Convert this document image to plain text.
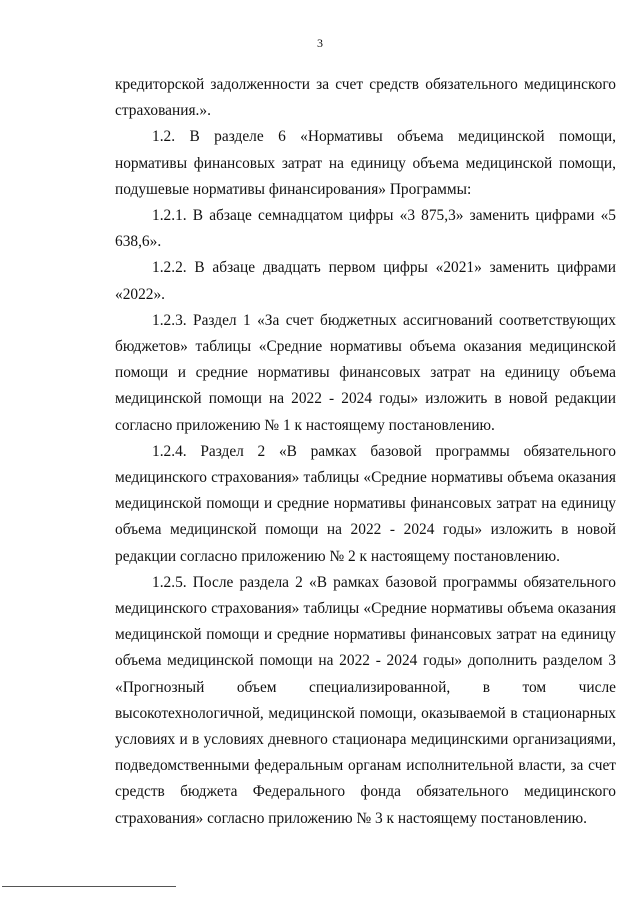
3

кредиторской задолженности за счет средств обязательного медицинского страхования.».

1.2. В разделе 6 «Нормативы объема медицинской помощи, нормативы финансовых затрат на единицу объема медицинской помощи, подушевые нормативы финансирования» Программы:

1.2.1. В абзаце семнадцатом цифры «3 875,3» заменить цифрами «5 638,6».

1.2.2. В абзаце двадцать первом цифры «2021» заменить цифрами «2022».

1.2.3. Раздел 1 «За счет бюджетных ассигнований соответствующих бюджетов» таблицы «Средние нормативы объема оказания медицинской помощи и средние нормативы финансовых затрат на единицу объема медицинской помощи на 2022 - 2024 годы» изложить в новой редакции согласно приложению № 1 к настоящему постановлению.

1.2.4. Раздел 2 «В рамках базовой программы обязательного медицинского страхования» таблицы «Средние нормативы объема оказания медицинской помощи и средние нормативы финансовых затрат на единицу объема медицинской помощи на 2022 - 2024 годы» изложить в новой редакции согласно приложению № 2 к настоящему постановлению.

1.2.5. После раздела 2 «В рамках базовой программы обязательного медицинского страхования» таблицы «Средние нормативы объема оказания медицинской помощи и средние нормативы финансовых затрат на единицу объема медицинской помощи на 2022 - 2024 годы» дополнить разделом 3 «Прогнозный объем специализированной, в том числе высокотехнологичной, медицинской помощи, оказываемой в стационарных условиях и в условиях дневного стационара медицинскими организациями, подведомственными федеральным органам исполнительной власти, за счет средств бюджета Федерального фонда обязательного медицинского страхования» согласно приложению № 3 к настоящему постановлению.
